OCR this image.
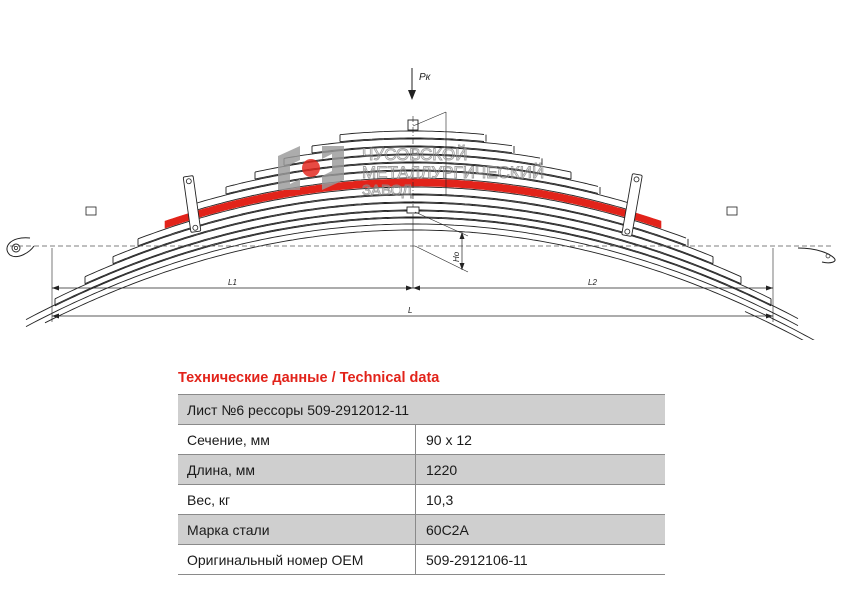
ЧУСОВСКОЙ
МЕТАЛЛУРГИЧЕСКИЙ
ЗАВОД
Pк
Hо
L1	L2
L
Технические данные / Technical data
Лист №6 рессоры 509-2912012-11	
Сечение, мм	90 x 12
Длина, мм	1220
Вес, кг	10,3
Марка стали	60С2А
Оригинальный номер ОЕМ	509-2912106-11
